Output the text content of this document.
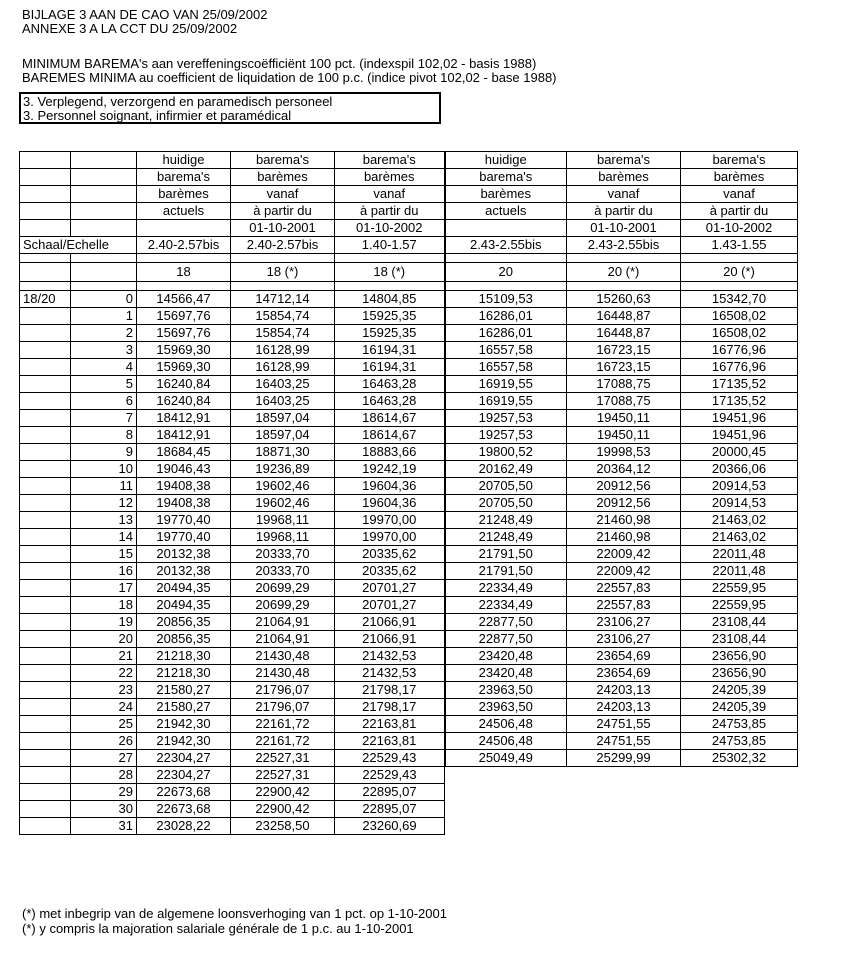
BIJLAGE 3 AAN DE CAO VAN 25/09/2002
ANNEXE 3 A LA CCT DU 25/09/2002
MINIMUM BAREMA's aan vereffeningscoëfficiënt 100 pct. (indexspil 102,02 - basis 1988)
BAREMES MINIMA au coefficient de liquidation de 100 p.c. (indice pivot 102,02 - base 1988)
3. Verplegend, verzorgend en paramedisch personeel
3. Personnel soignant, infirmier et paramédical
		huidige	barema's	barema's	huidige	barema's	barema's
		barema's	barèmes	barèmes	barema's	barèmes	barèmes
		barèmes	vanaf	vanaf	barèmes	vanaf	vanaf
		actuels	à partir du	à partir du	actuels	à partir du	à partir du
			01-10-2001	01-10-2002		01-10-2001	01-10-2002
Schaal/Echelle		2.40-2.57bis	2.40-2.57bis	1.40-1.57	2.43-2.55bis	2.43-2.55bis	1.43-1.55

		18	18 (*)	18 (*)	20	20 (*)	20 (*)

18/20	0	14566,47	14712,14	14804,85	15109,53	15260,63	15342,70
	1	15697,76	15854,74	15925,35	16286,01	16448,87	16508,02
	2	15697,76	15854,74	15925,35	16286,01	16448,87	16508,02
	3	15969,30	16128,99	16194,31	16557,58	16723,15	16776,96
	4	15969,30	16128,99	16194,31	16557,58	16723,15	16776,96
	5	16240,84	16403,25	16463,28	16919,55	17088,75	17135,52
	6	16240,84	16403,25	16463,28	16919,55	17088,75	17135,52
	7	18412,91	18597,04	18614,67	19257,53	19450,11	19451,96
	8	18412,91	18597,04	18614,67	19257,53	19450,11	19451,96
	9	18684,45	18871,30	18883,66	19800,52	19998,53	20000,45
	10	19046,43	19236,89	19242,19	20162,49	20364,12	20366,06
	11	19408,38	19602,46	19604,36	20705,50	20912,56	20914,53
	12	19408,38	19602,46	19604,36	20705,50	20912,56	20914,53
	13	19770,40	19968,11	19970,00	21248,49	21460,98	21463,02
	14	19770,40	19968,11	19970,00	21248,49	21460,98	21463,02
	15	20132,38	20333,70	20335,62	21791,50	22009,42	22011,48
	16	20132,38	20333,70	20335,62	21791,50	22009,42	22011,48
	17	20494,35	20699,29	20701,27	22334,49	22557,83	22559,95
	18	20494,35	20699,29	20701,27	22334,49	22557,83	22559,95
	19	20856,35	21064,91	21066,91	22877,50	23106,27	23108,44
	20	20856,35	21064,91	21066,91	22877,50	23106,27	23108,44
	21	21218,30	21430,48	21432,53	23420,48	23654,69	23656,90
	22	21218,30	21430,48	21432,53	23420,48	23654,69	23656,90
	23	21580,27	21796,07	21798,17	23963,50	24203,13	24205,39
	24	21580,27	21796,07	21798,17	23963,50	24203,13	24205,39
	25	21942,30	22161,72	22163,81	24506,48	24751,55	24753,85
	26	21942,30	22161,72	22163,81	24506,48	24751,55	24753,85
	27	22304,27	22527,31	22529,43	25049,49	25299,99	25302,32
	28	22304,27	22527,31	22529,43			
	29	22673,68	22900,42	22895,07			
	30	22673,68	22900,42	22895,07			
	31	23028,22	23258,50	23260,69			
(*) met inbegrip van de algemene loonsverhoging van 1 pct. op 1-10-2001
(*) y compris la majoration salariale générale de 1 p.c. au 1-10-2001
